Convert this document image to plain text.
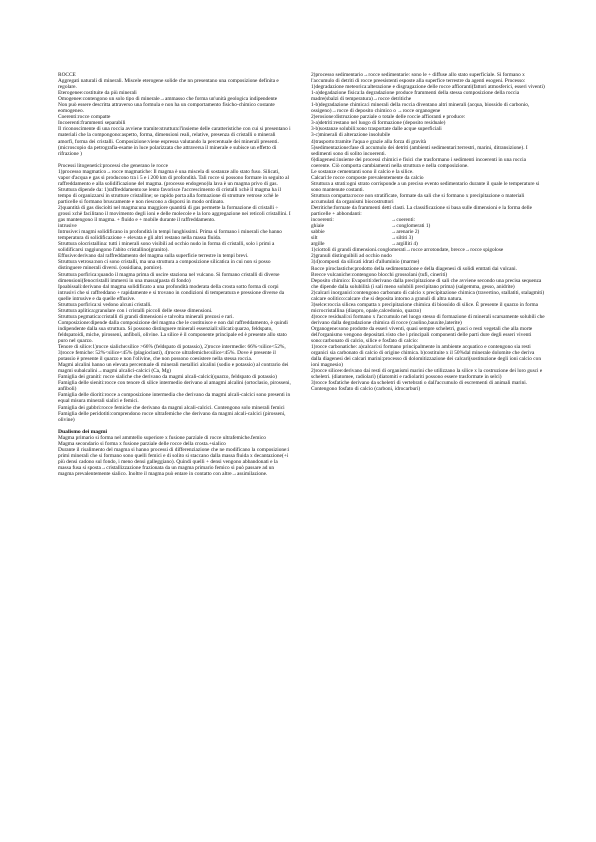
ROCCE

Aggregati naturali di minerali. Miscele eterogene solide che nn presentano una composizione definita e regolare.

Eterogenee:costituite da più minerali

Omogenee:contengono un solo tipo di minerale→ammasso che forma un'unità geologica indipendente

Non può essere descritta attraverso una formula e non ha un comportamento fisicho-chimico costante eomogeneo.

Coerenti:rocce compatte

Incoerenti:frammenti separabili

Il riconoscimente di una roccia avviene tramite:struttura:l'insieme delle caratteristiche con cui si presentano i materiali che la compongono:aspetto, forma, dimensioni reali, relative, presenza di cristalli o minerali amorfi, forma dei cristalli. Composizione:viene espressa valutando la percentuale dei minerali presenti. (microscopio da petrografia-esame in luce polarizzata che attraversa il minerale e subisce un effetto di rifrazione )

Processi litogenetici:processi che generano le rocce

1)processo magmatico→rocce magmatiche: Il magma è una miscela di sostanze allo stato fuso. Silicati, vapor d'acqua e gas si producono tra i 5 e i 200 km di profondità. Tali rocce si possono formare in seguito al raffreddamento e alla solidificazione del magma. (processo endogeno)la lava è un magma privo di gas.

Struttura dipende da: 1)raffreddamento:se lento favorisce l'accrescimento di cristalli xchè il magma ha il tempo di organizzarsi in strutture cristalline; se rapido porta alla formazione di strutture vetrose xchè le particelle si formano bruscamente e non riescono a disporsi in modo ordinato.

2)quantità di gas disciolti nel magma:una maggiore quantità di gas permette la formazione di cristalli ÷ grossi xchè facilitano il movimento degli ioni e delle molecole e la loro aggregazione nei reticoli cristallini. I gas mantengono il magma. + fluido e + mobile durante il raffreddamento.

intrusive

Intrusive:i magmi solidificano in profondità in tempi lunghissimi. Prima si formano i minerali che hanno temperatura di solidificazione + elevata e gli altri restano nella massa fluida.

Struttura olocristallina: tutti i minerali sono visibili ad occhio nudo in forma di cristalli, solo i primi a solidificarsi raggiungono l'abito cristallino(granito).

Effusive:derivano dal raffreddamento del magma sulla superficie terrestre in tempi brevi.

Struttura vetrosa:non ci sono cristalli, ma una struttura a composizione silicatica in cui non si posso distinguere minerali diversi. (ossidiana, pomice).

Struttura porfirica:quando il magma prima di uscire staziona nel vulcano. Si formano cristalli di diverse dimensioni(fenocristalli immersi in una massa(pasta di fondo)

Ipoabissali:derivano dal magma solidificato a una profondità moderata della crosta sotto forma di corpi intrusivi che si raffreddano + rapidamente e si trovano in condizioni di temperatura e pressione diverse da quelle intrusive e da quelle effusive.

Struttura porfirica:si vedono alcuni cristalli.

Struttura aplitica:granulare con i cristalli piccoli delle stesse dimensioni.

Struttura pegmatica:cristalli di grandi dimensioni e talvolta minerali prezosi e rari.

Composizione:dipende dalla composizione del magma che le costituisce e non dal raffreddamento, è quindi indipendente dalla sua struttura. Si possono distinguere minerali essenziali:silicati:quarzo, feldspato, feldspatoidi, miche, pirosseni, anfiboli, olivine. La silice è il componente principale ed è presente allo stato puro nel quarzo.

Tenore di silice:1)rocce sialiche:silice >66% (feldspato di potassio), 2)rocce intermedie: 66%<silice<52%, 3)rocce femiche: 52%<silice<45% (plagioclasti), 4)rocce ultrafemiche:silice<45%. Dove è presente il potassio è presente il quarzo e non l'olivine, che non possono coesistere nella stessa roccia.

Magmi alcalini hanno un elevata percentuale di minerali metallici alcalini (sodio e potassio) al contrario dei magmi subalcalini→magmi alcalici-calcici (Ca, Mg)

Famiglia dei graniti: rocce sialiche che derivano da magmi alcali-calcici(quarzo, feldspato di potassio)

Famiglia delle sieniti:rocce con tenore di silice intermedio derivano al amagmi alcalini (ortoclasio, pirosseni, anfiboli)

Famiglia delle dioriti:rocce a composizione intermedia che derivano da magmi alcali-calcici sono presenti in equal misura minerali sialici e femici.

Famiglia dei gabbri:rocce femiche che derivano da magmi alcali-calcici. Contengono solo minerali femici

Famiglia delle peridotiti:comprendono rocce ultrafemiche che derivano da magmi alcali-calcici (pirosseni, olivine)

Dualismo dei magmi

Magma primario si forma nel ammtello superiore x fusione parziale di rocce ultrafemiche.femico

Magma secondario si forma x fusione parziale delle rocce della crosta.+sialico

Durante il risalimento del magma si hanno processi di differenziazione che ne modificano la composizione:i primi minerali che si formano sono quelli femici e di solito si staccano dalla massa fluida x decantazione(+i più densi cadono sul fondo, i meno densi galleggiano). Quindi quelli + densi vengono abbandonati e la massa fusa si sposta→cristallizzazione frazionata da un magma primario femico si può passare ad un magma prevalentemente sialico. Inoltre il magma può entare in contatto con altre→assimilazione.

2)processo sedimentario→rocce sedimentarie: sono le + diffuse allo stato superficiale. Si formano x l'accumulo di detriti di rocce preesistenti esposte alla superfice terrestre da agenti esogeni. Processo:

1)degradazione meteorica:alterazione e disgragazione delle rocce affioranti(fattori atmosferici, esseri viventi)

1-a)degadazione fisica:la degradazione produce frammenti della stessa composizione della roccia madre(sbalzi di temperatura)→rocce detritiche

1-b)degradazione chimica:i minerali della roccia diventano altri minerali (acqua, biossido di carbonio, ossigeno)→rocce di deposito chimico o →rocce organogene

2)erosione:distruzione parziale o totale delle roccie affioranti e produce:

3-a)detriti:restano nel luogo di formazione (deposito residuale)

3-b)sostanze solubili:sono trasportate dalle acque superficiali

3-c)minerali di alterazione insolubile

4)trasporto:tramite l'aqua e grazie alla forza di gravità

5)sedimentazione:fase di accumulo dei detriti (ambienti sedimentari:terrestri, marini, ditransizione). I sedimenti sono di solito incoerenti.

6)diagenesi:insieme dei processi chimici e fisici che trasformano i sedimenti incoerenti in una roccia coerente. Ciò comporta cambiamenti nella struttura e nella composizione.

Le sostanze cementanti sono il calcio e la silice.

Calcari:le rocce composte prevalentemente da calcio

Struttura a strati:ogni strato corrisponde a un preciso evento sedimentario durante il quale le temperature si sono mantenute costanti.

Struttura compatta:rocce non stratificate, formate da sali che si formano x precipitazione o materiali accumulati da organismi biocostruttori

Detritiche:formate da frammenti detti clasti. La classificazione si basa sulle dimensioni e la forma delle particelle + abbondanti:

incoerenti:	→coerenti:
ghiaie	→conglomerati 1)
sabbie	→arenarie 2)
silt	→siltiti 3)
argille	→argilliti 4)

1)ciottoli di grandi dimensioni.conglomerati→rocce arrotondate, brecce→rocce spigolose

2)granuli distinguibili ad occhio nudo

3)4)composti da silicati idrati d'alluminio (marme)

Rocce piroclastiche:prodotto della sedimentazione e della diagenesi di solidi emttati dai vulcani.

Brecce vulcaniche:contengono blocchi grossolani (tufi, cineriti)

Deposito chimico: Evaporiti:derivano dalla precipitazione di sali che avviene secondo una precisa sequenza che dipende dalla solubilità (i sali meno solubili precipitano prima) (salgemma, gesso, anidrite)

2)calcari inorganici:contengono carbonato di calcio x precipitazione chimica (travertino, stallatiti, stalagmiti) calcare oolitico:calcare che si deposita intorno a granuli di altra natura.

3)selce:roccia silicea compatta x precipitazione chimica di biossido di silice. È presente il quarzo in forma microcristallina (diaspro, opale,calcedonio, quarzo)

4)rocce residuali:si formano x l'accumulo nel luogo stesso di formazione di minerali scarsamente solubili che derivano dalla degradazione chimica di rocce (caolino,bauxite,laterite)

Organogene:sono prodotte da esseri viventi, quasi sempre scheletri, gusci o resti vegetali che alla morte dell'organismo vengono depositati.visto che i principali componenti delle parti dure degli esseri viventi sono:carbonato di calcio, silice e fosfato di calcio:

1)rocce carbonatiche: a)calcari:si formano principalmente in ambiente acquatico e contengono sia resti organici sia carbonato di calcio di origine chimica. b)costituite x il 50%dal minerale dolomite che deriva dalla diagenesi dei calcari marini:processo di dolomitizzazione dei calcari(sostituzione degli ioni calcio con ioni magnesio)

2)rocce silicee:derivano dai resti di organismi marini che utilizzano la silice x la costruzione dei loro gusci e scheletri. (diatomee, radiolari) (diatomiti e radiolariti possono essere trasformate in selci)

3)rocce fosfatiche derivano da scheletri di vertebrati o dall'accumulo di escrementi di animali marini. Contengono fosfato di calcio (carboni, idrocarburi)
